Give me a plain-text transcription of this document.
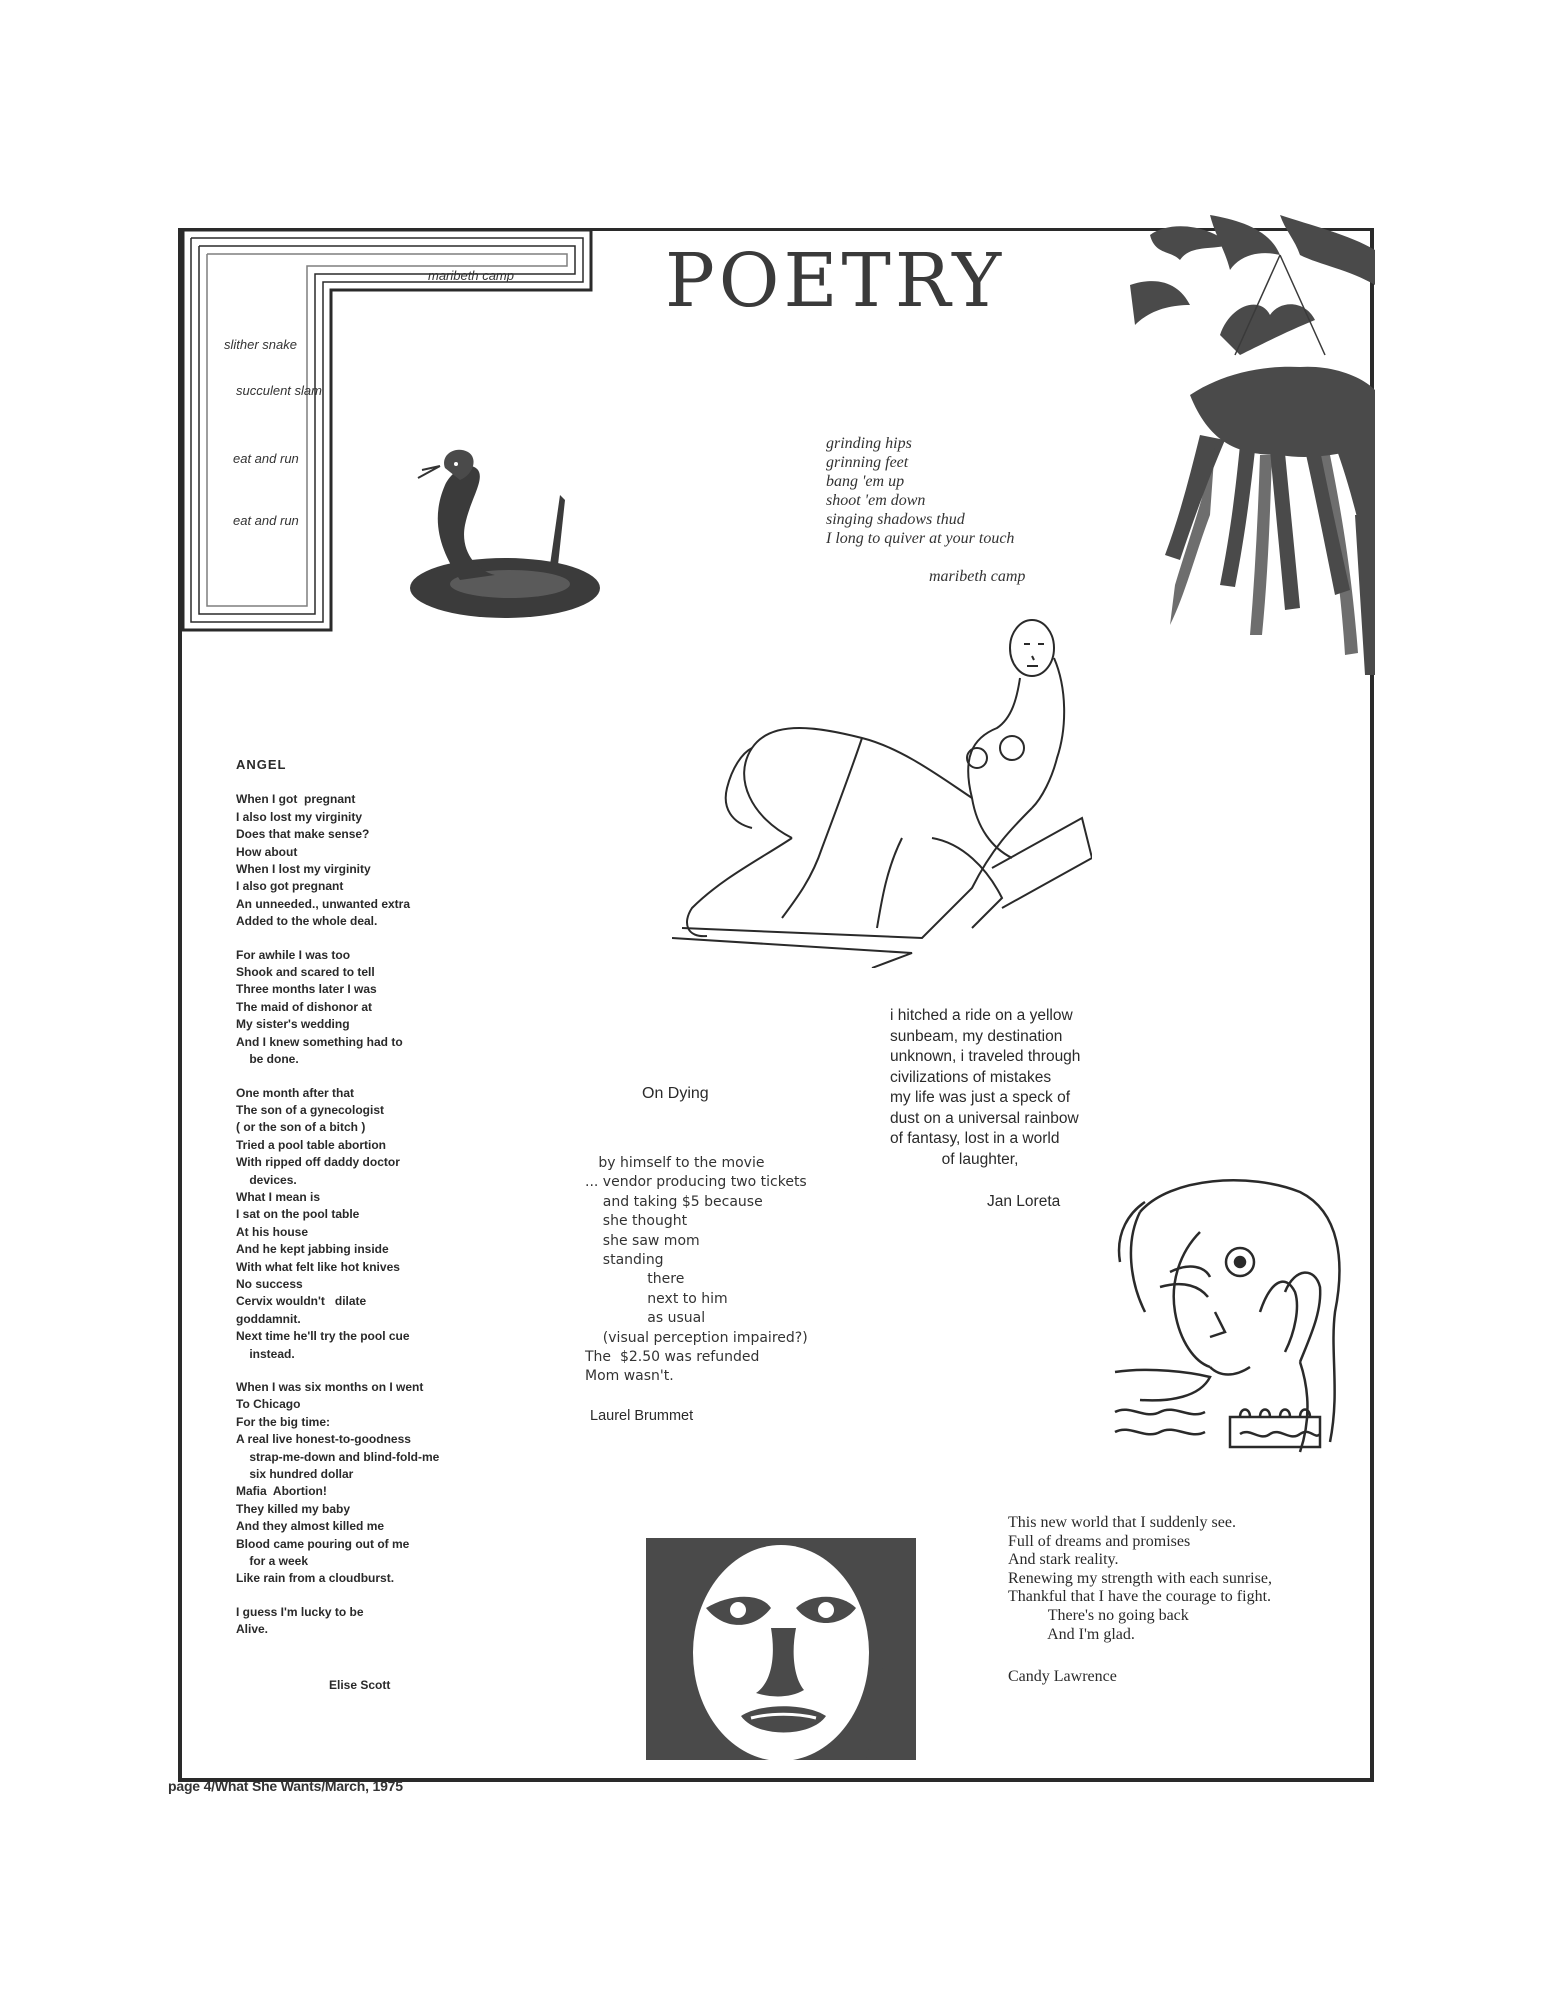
maribeth camp
slither snake
succulent slam
eat and run
eat and run
POETRY
grinding hips
grinning feet
bang 'em up
shoot 'em down
singing shadows thud
I long to quiver at your touch
maribeth camp
ANGEL
When I got  pregnant
I also lost my virginity
Does that make sense?
How about
When I lost my virginity
I also got pregnant
An unneeded., unwanted extra
Added to the whole deal.
For awhile I was too
Shook and scared to tell
Three months later I was
The maid of dishonor at
My sister's wedding
And I knew something had to
be done.
One month after that
The son of a gynecologist
( or the son of a bitch )
Tried a pool table abortion
With ripped off daddy doctor
devices.
What I mean is
I sat on the pool table
At his house
And he kept jabbing inside
With what felt like hot knives
No success
Cervix wouldn't   dilate
goddamnit.
Next time he'll try the pool cue
instead.
When I was six months on I went
To Chicago
For the big time:
A real live honest-to-goodness
strap-me-down and blind-fold-me
six hundred dollar
Mafia  Abortion!
They killed my baby
And they almost killed me
Blood came pouring out of me
for a week
Like rain from a cloudburst.
I guess I'm lucky to be
Alive.
Elise Scott
On Dying
by himself to the movie
... vendor producing two tickets
and taking $5 because
she thought
she saw mom
standing
there
next to him
as usual
(visual perception impaired?)
The  $2.50 was refunded
Mom wasn't.
Laurel Brummet
i hitched a ride on a yellow
sunbeam, my destination
unknown, i traveled through
civilizations of mistakes
my life was just a speck of
dust on a universal rainbow
of fantasy, lost in a world
of laughter,
Jan Loreta
This new world that I suddenly see.
Full of dreams and promises
And stark reality.
Renewing my strength with each sunrise,
Thankful that I have the courage to fight.
There's no going back
And I'm glad.
Candy Lawrence
page 4/What She Wants/March, 1975
